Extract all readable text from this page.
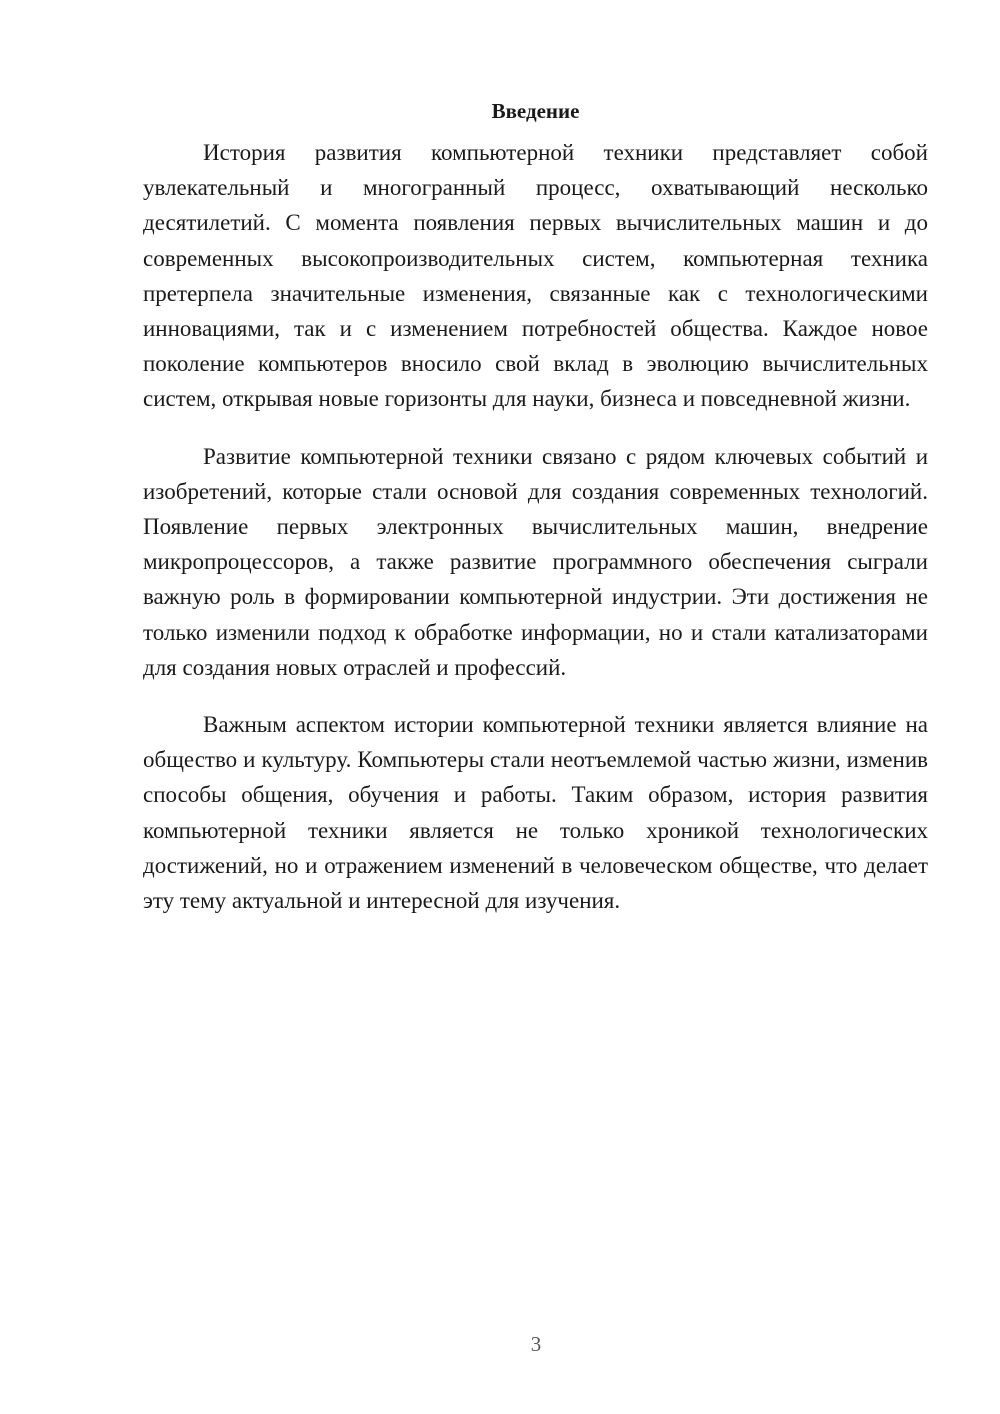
Введение

История развития компьютерной техники представляет собой увлекательный и многогранный процесс, охватывающий несколько десятилетий. С момента появления первых вычислительных машин и до современных высокопроизводительных систем, компьютерная техника претерпела значительные изменения, связанные как с технологическими инновациями, так и с изменением потребностей общества. Каждое новое поколение компьютеров вносило свой вклад в эволюцию вычислительных систем, открывая новые горизонты для науки, бизнеса и повседневной жизни.

Развитие компьютерной техники связано с рядом ключевых событий и изобретений, которые стали основой для создания современных технологий. Появление первых электронных вычислительных машин, внедрение микропроцессоров, а также развитие программного обеспечения сыграли важную роль в формировании компьютерной индустрии. Эти достижения не только изменили подход к обработке информации, но и стали катализаторами для создания новых отраслей и профессий.

Важным аспектом истории компьютерной техники является влияние на общество и культуру. Компьютеры стали неотъемлемой частью жизни, изменив способы общения, обучения и работы. Таким образом, история развития компьютерной техники является не только хроникой технологических достижений, но и отражением изменений в человеческом обществе, что делает эту тему актуальной и интересной для изучения.

3
